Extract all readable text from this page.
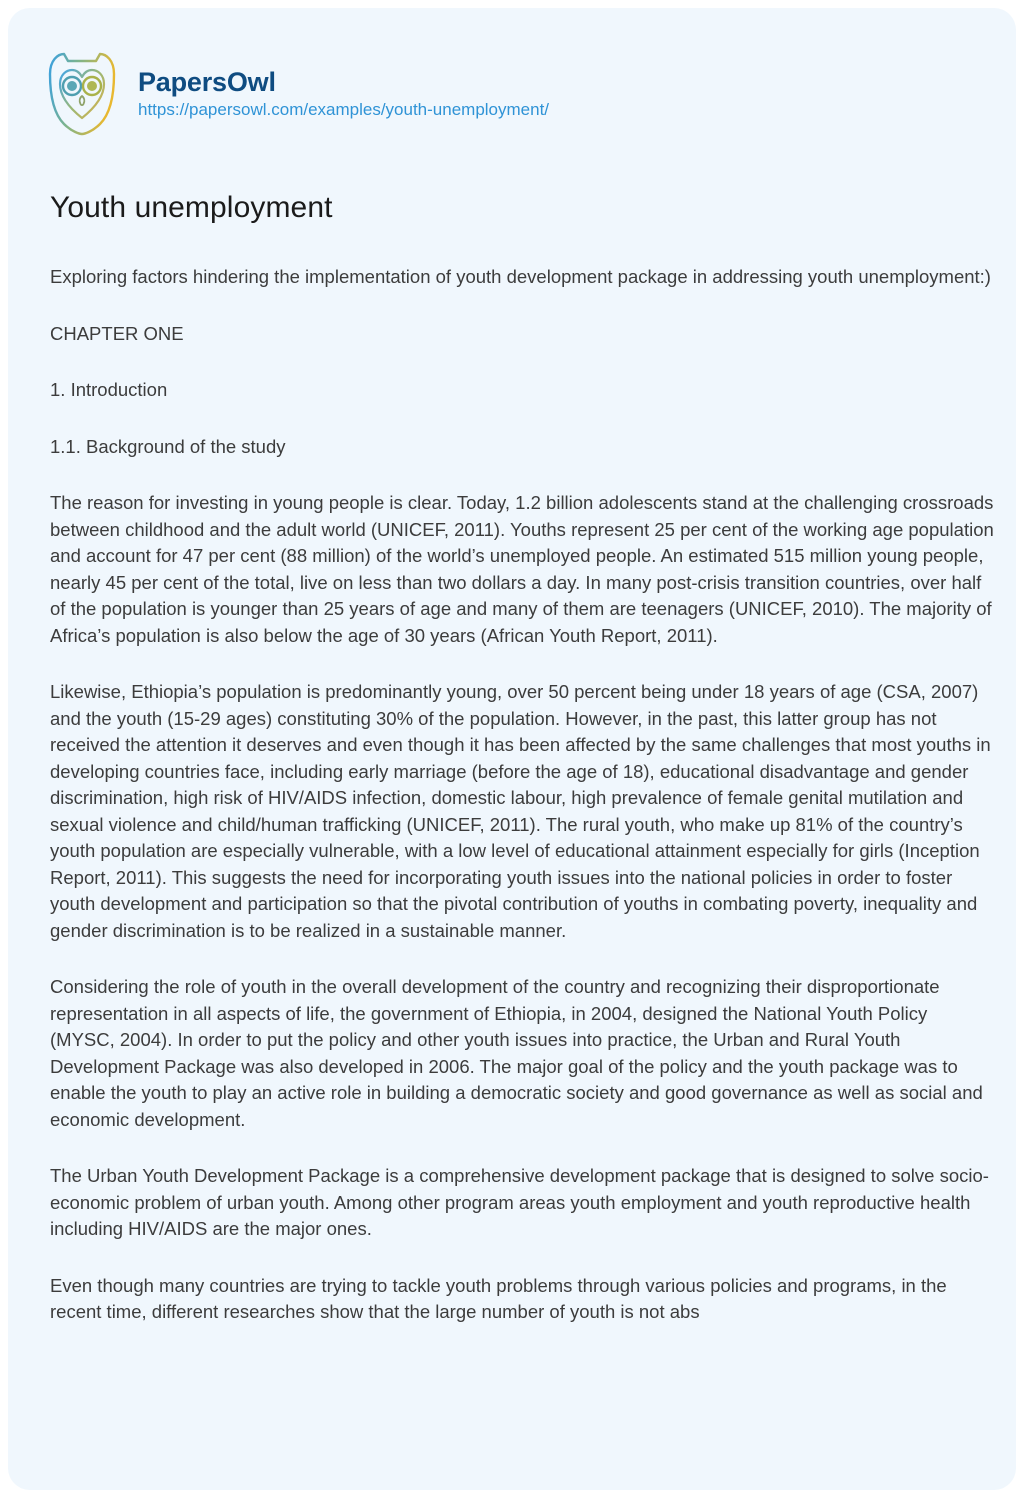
PapersOwl
https://papersowl.com/examples/youth-unemployment/
Youth unemployment

Exploring factors hindering the implementation of youth development package in addressing youth unemployment:)

CHAPTER ONE

1. Introduction

1.1. Background of the study

The reason for investing in young people is clear. Today, 1.2 billion adolescents stand at the challenging crossroads between childhood and the adult world (UNICEF, 2011). Youths represent 25 per cent of the working age population and account for 47 per cent (88 million) of the world’s unemployed people. An estimated 515 million young people, nearly 45 per cent of the total, live on less than two dollars a day. In many post-crisis transition countries, over half of the population is younger than 25 years of age and many of them are teenagers (UNICEF, 2010). The majority of Africa’s population is also below the age of 30 years (African Youth Report, 2011).

Likewise, Ethiopia’s population is predominantly young, over 50 percent being under 18 years of age (CSA, 2007) and the youth (15-29 ages) constituting 30% of the population. However, in the past, this latter group has not received the attention it deserves and even though it has been affected by the same challenges that most youths in developing countries face, including early marriage (before the age of 18), educational disadvantage and gender discrimination, high risk of HIV/AIDS infection, domestic labour, high prevalence of female genital mutilation and sexual violence and child/human trafficking (UNICEF, 2011). The rural youth, who make up 81% of the country’s youth population are especially vulnerable, with a low level of educational attainment especially for girls (Inception Report, 2011). This suggests the need for incorporating youth issues into the national policies in order to foster youth development and participation so that the pivotal contribution of youths in combating poverty, inequality and gender discrimination is to be realized in a sustainable manner.

Considering the role of youth in the overall development of the country and recognizing their disproportionate representation in all aspects of life, the government of Ethiopia, in 2004, designed the National Youth Policy (MYSC, 2004). In order to put the policy and other youth issues into practice, the Urban and Rural Youth Development Package was also developed in 2006. The major goal of the policy and the youth package was to enable the youth to play an active role in building a democratic society and good governance as well as social and economic development.

The Urban Youth Development Package is a comprehensive development package that is designed to solve socio-economic problem of urban youth. Among other program areas youth employment and youth reproductive health including HIV/AIDS are the major ones.

Even though many countries are trying to tackle youth problems through various policies and programs, in the recent time, different researches show that the large number of youth is not abs
